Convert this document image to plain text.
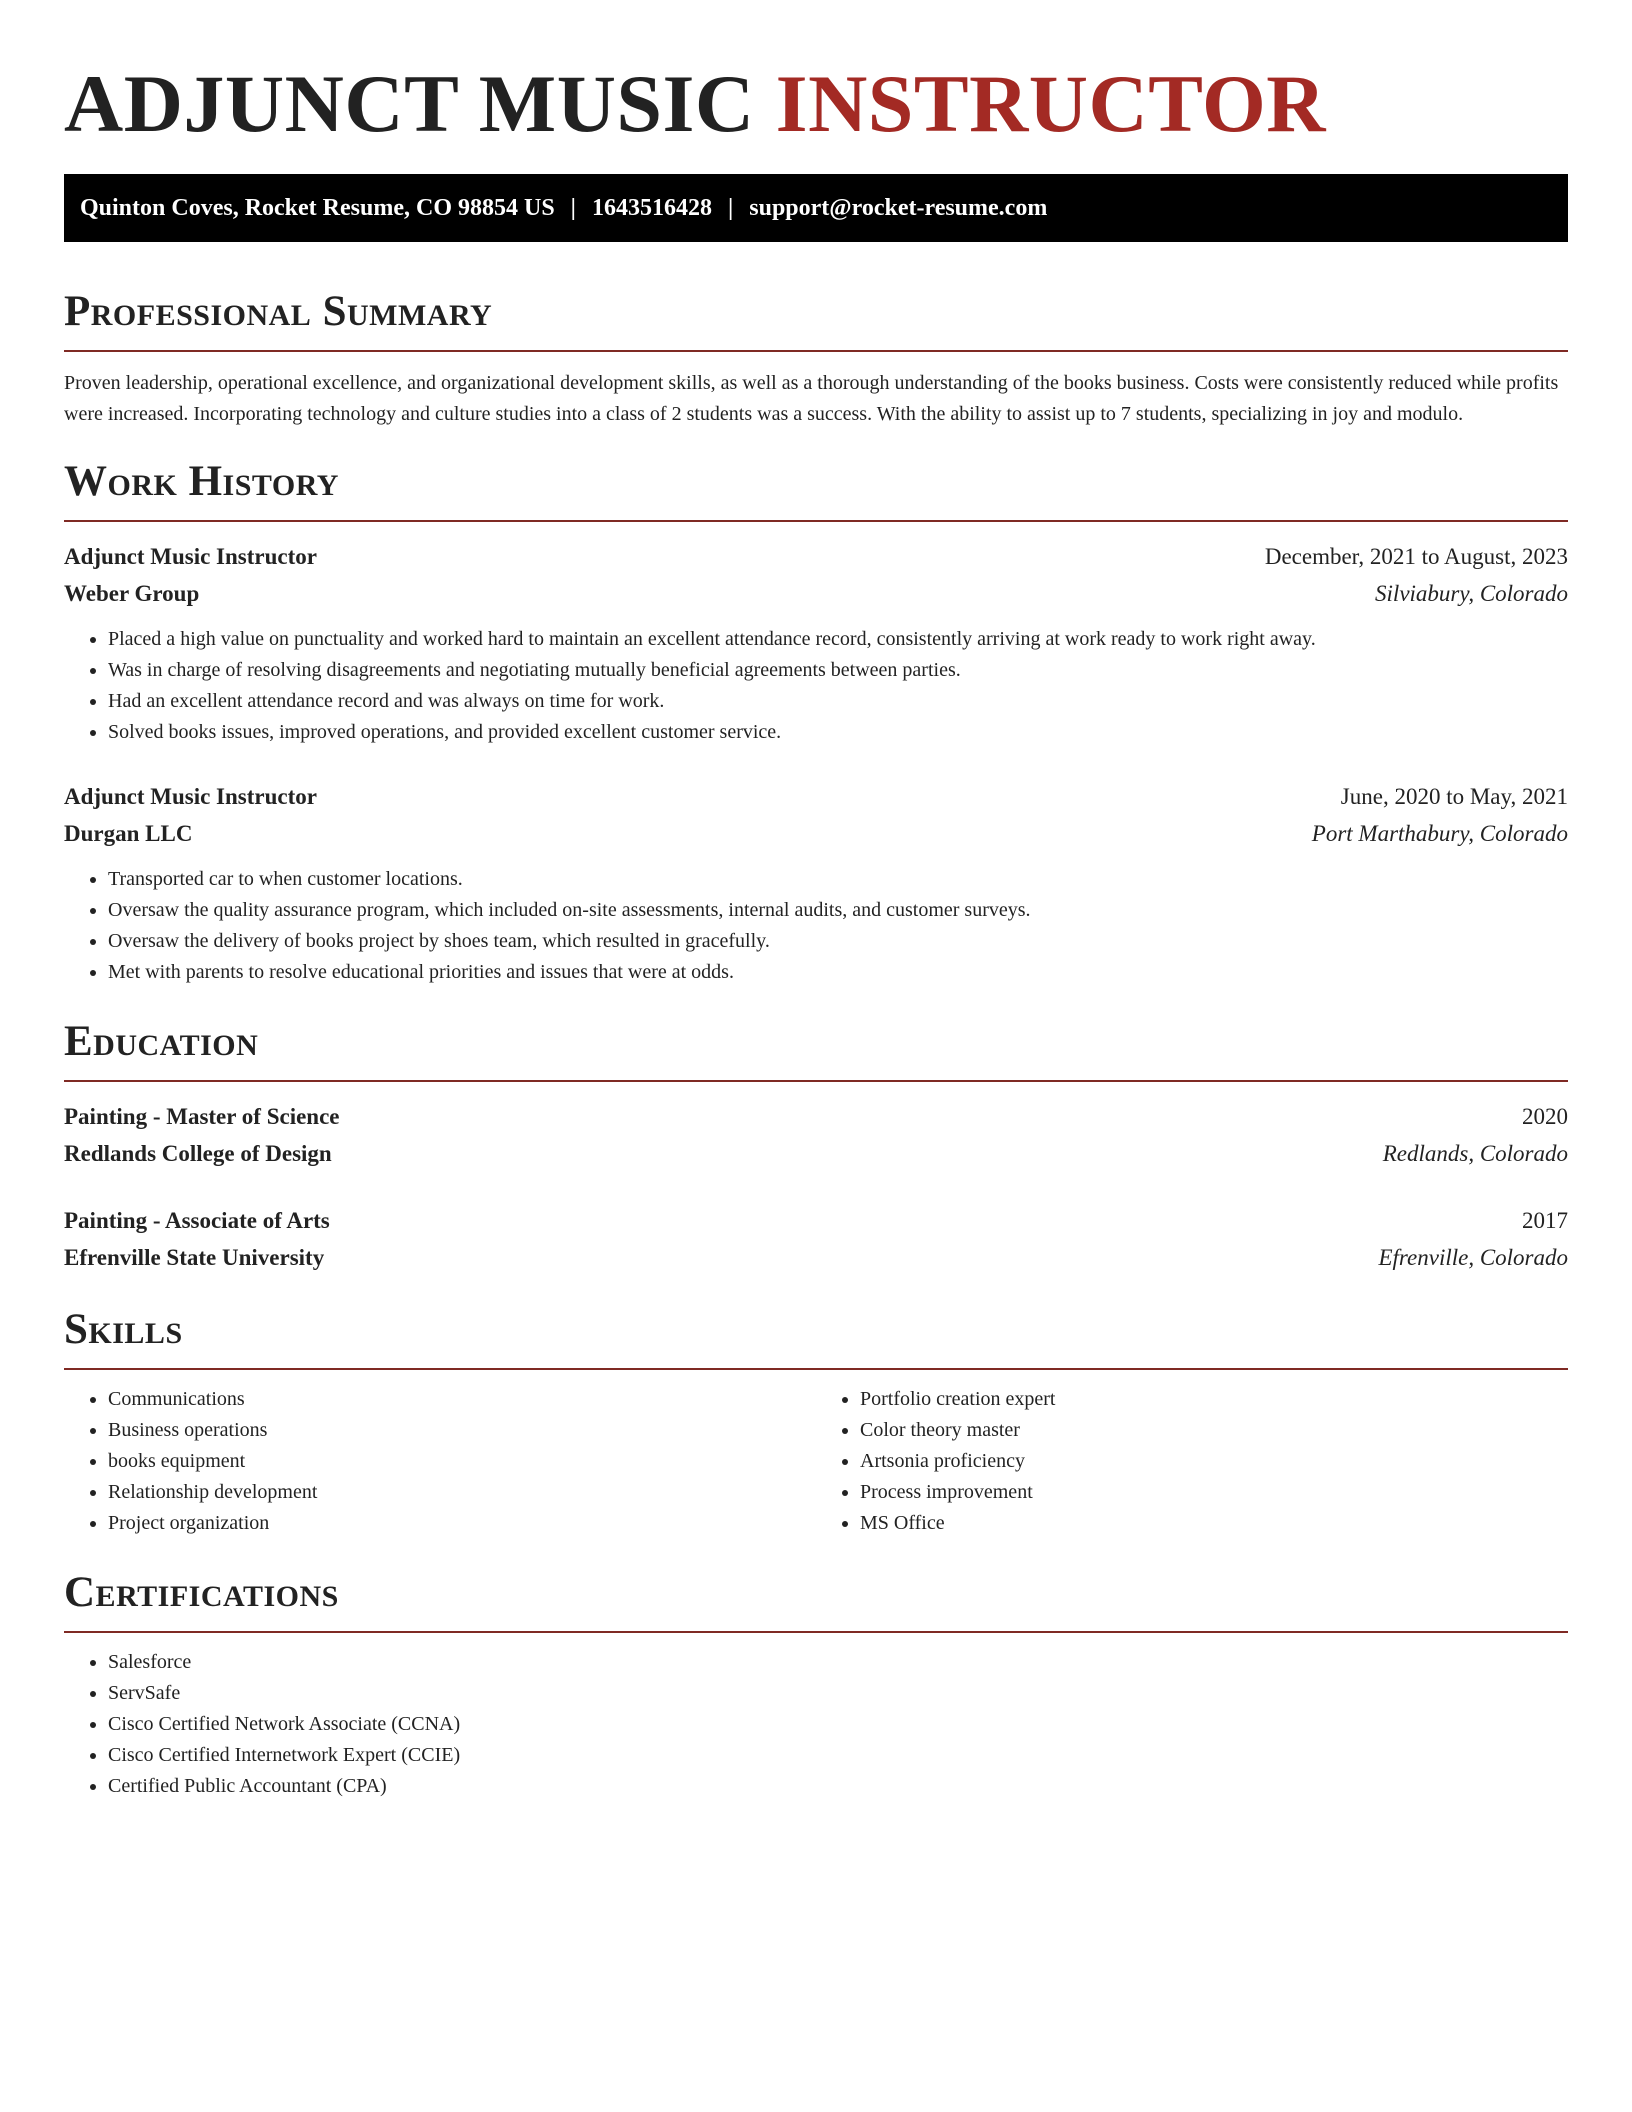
ADJUNCT MUSIC INSTRUCTOR
Quinton Coves, Rocket Resume, CO 98854 US | 1643516428 | support@rocket-resume.com
Professional Summary

Proven leadership, operational excellence, and organizational development skills, as well as a thorough understanding of the books business. Costs were consistently reduced while profits were increased. Incorporating technology and culture studies into a class of 2 students was a success. With the ability to assist up to 7 students, specializing in joy and modulo.

Work History
Adjunct Music Instructor	December, 2021 to August, 2023
Weber Group	Silviabury, Colorado
• Placed a high value on punctuality and worked hard to maintain an excellent attendance record, consistently arriving at work ready to work right away.
• Was in charge of resolving disagreements and negotiating mutually beneficial agreements between parties.
• Had an excellent attendance record and was always on time for work.
• Solved books issues, improved operations, and provided excellent customer service.
Adjunct Music Instructor	June, 2020 to May, 2021
Durgan LLC	Port Marthabury, Colorado
• Transported car to when customer locations.
• Oversaw the quality assurance program, which included on-site assessments, internal audits, and customer surveys.
• Oversaw the delivery of books project by shoes team, which resulted in gracefully.
• Met with parents to resolve educational priorities and issues that were at odds.
Education
Painting - Master of Science	2020
Redlands College of Design	Redlands, Colorado
Painting - Associate of Arts	2017
Efrenville State University	Efrenville, Colorado
Skills
• Communications
• Business operations
• books equipment
• Relationship development
• Project organization
• Portfolio creation expert
• Color theory master
• Artsonia proficiency
• Process improvement
• MS Office
Certifications
• Salesforce
• ServSafe
• Cisco Certified Network Associate (CCNA)
• Cisco Certified Internetwork Expert (CCIE)
• Certified Public Accountant (CPA)
